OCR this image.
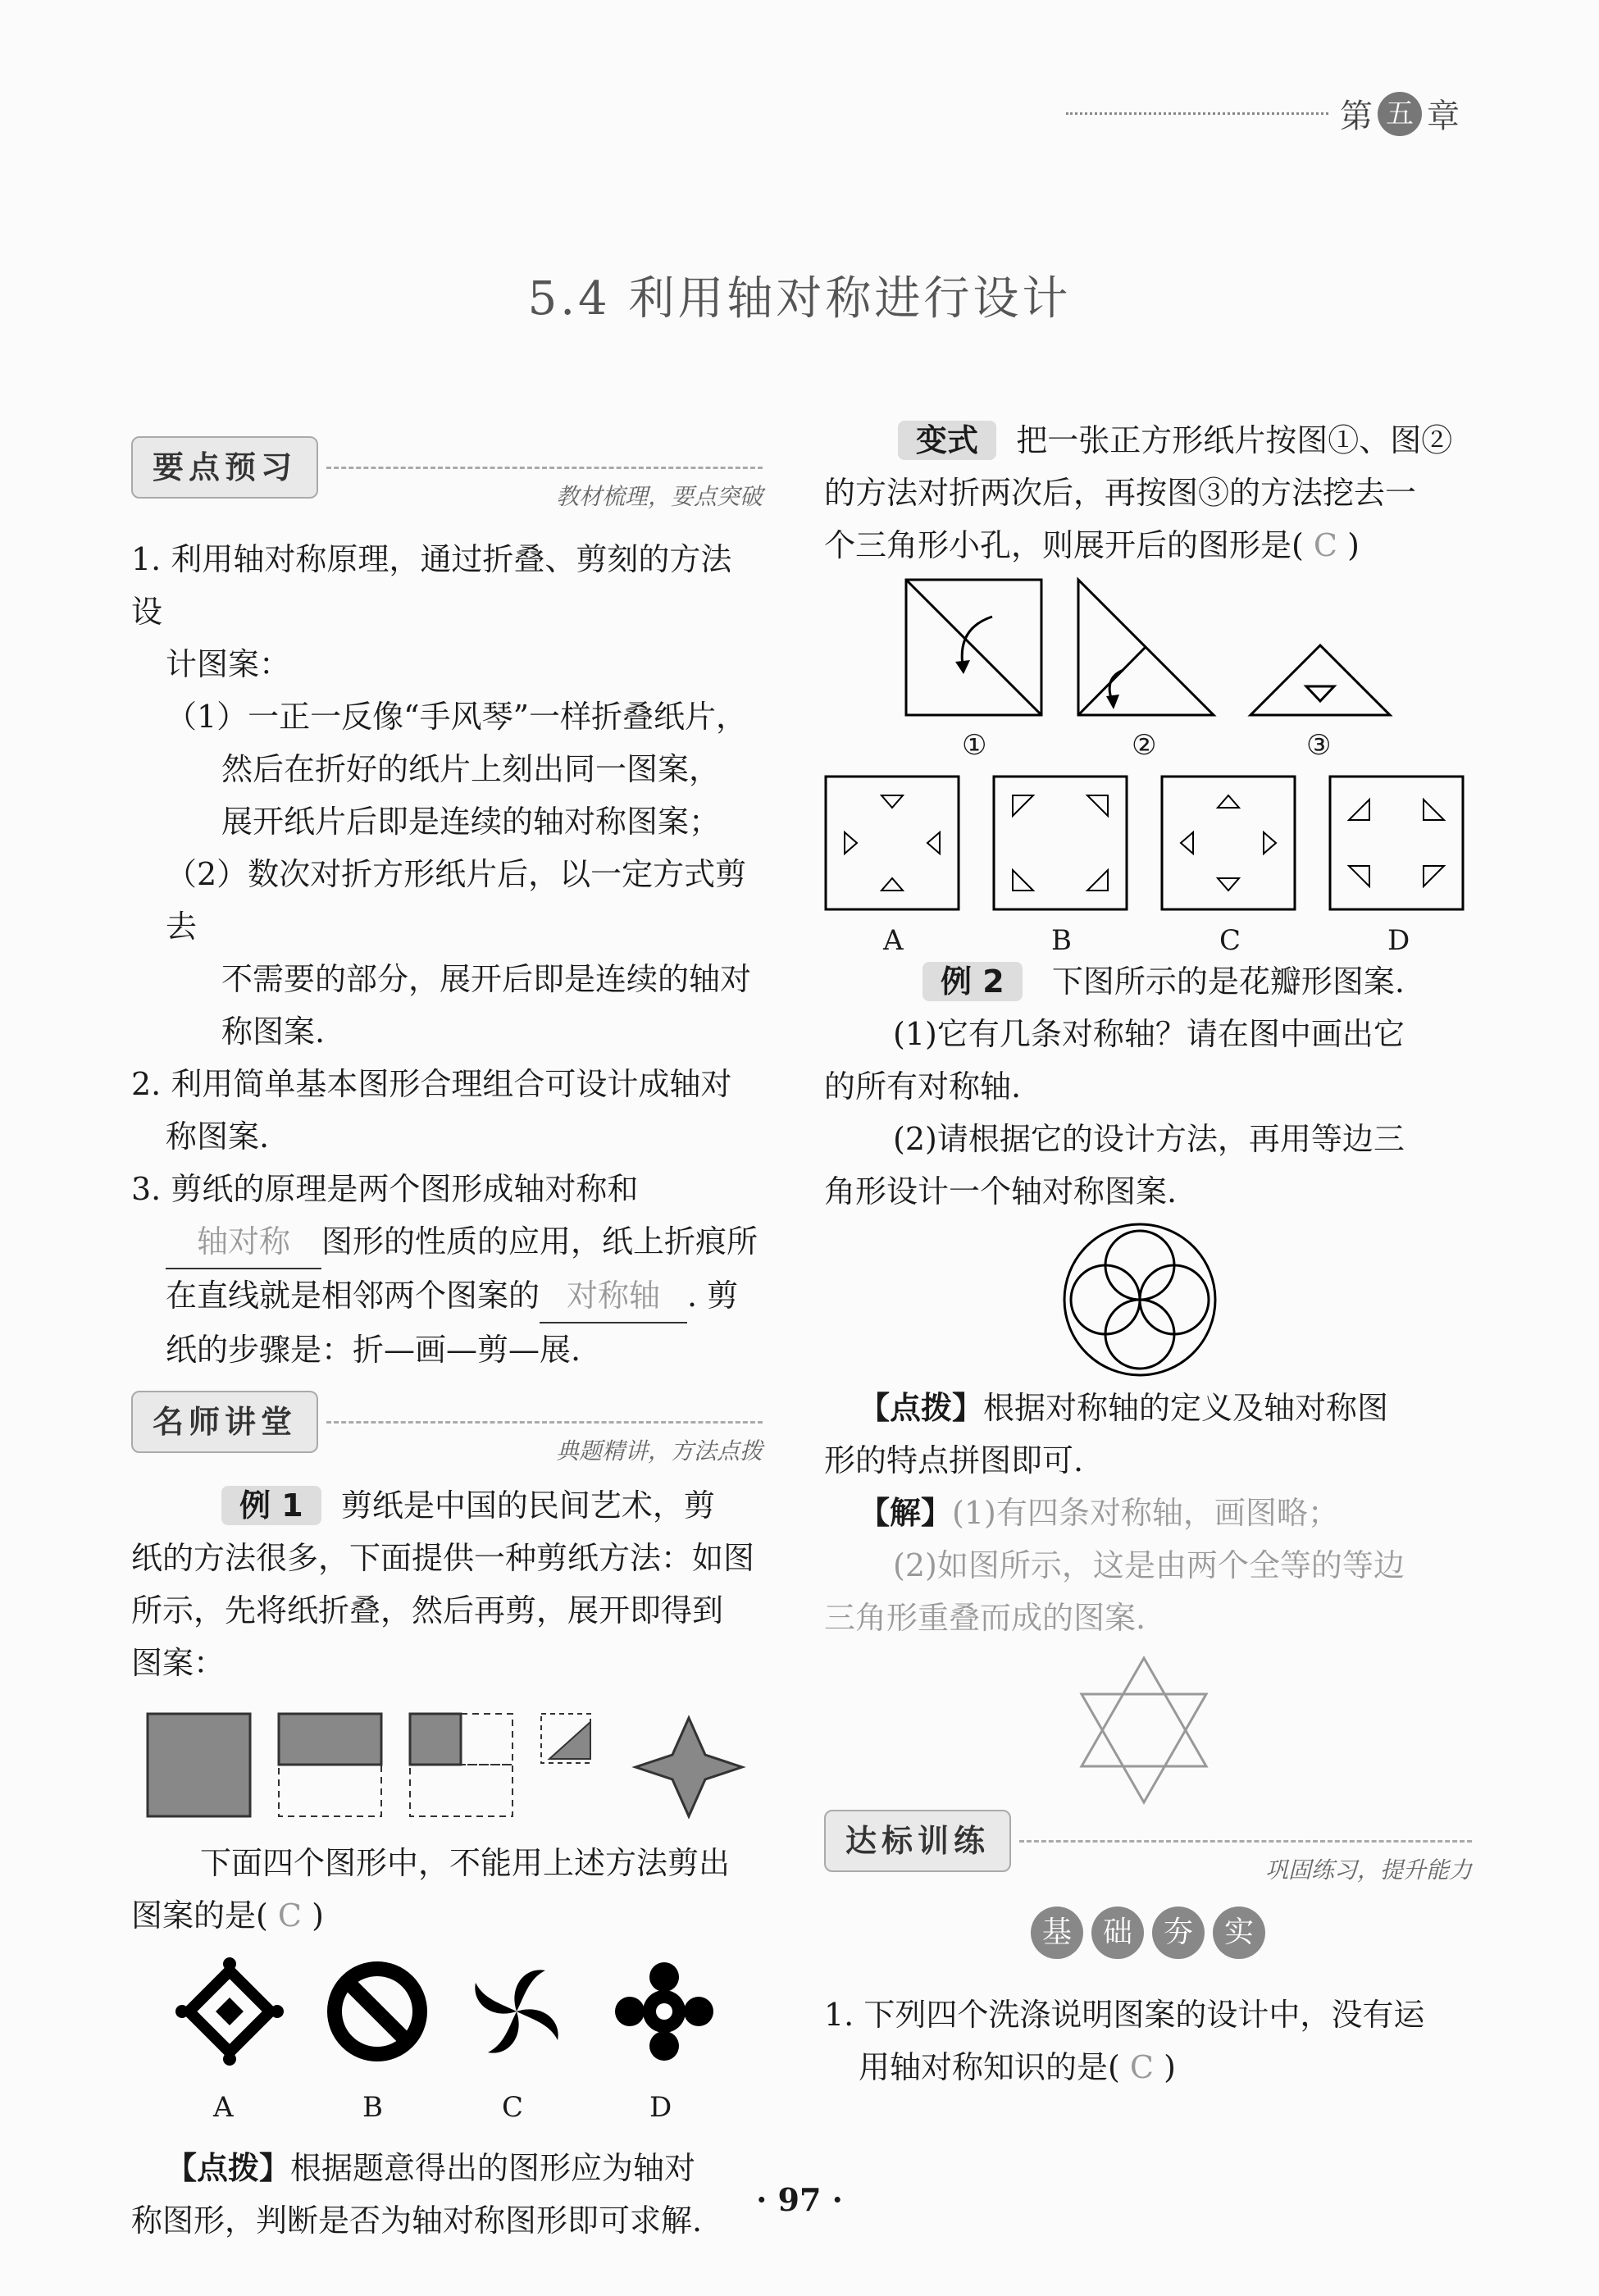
第 五 章
5.4 利用轴对称进行设计
要点预习
教材梳理，要点突破

1. 利用轴对称原理，通过折叠、剪刻的方法设

计图案：

（1）一正一反像“手风琴”一样折叠纸片，

然后在折好的纸片上刻出同一图案，

展开纸片后即是连续的轴对称图案；

（2）数次对折方形纸片后，以一定方式剪去

不需要的部分，展开后即是连续的轴对

称图案.

2. 利用简单基本图形合理组合可设计成轴对

称图案.

3. 剪纸的原理是两个图形成轴对称和

轴对称 图形的性质的应用，纸上折痕所

在直线就是相邻两个图案的 对称轴 . 剪

纸的步骤是：折—画—剪—展.

名师讲堂
典题精讲，方法点拨

例 1 剪纸是中国的民间艺术，剪

纸的方法很多，下面提供一种剪纸方法：如图

所示，先将纸折叠，然后再剪，展开即得到

图案：

下面四个图形中，不能用上述方法剪出

图案的是( C )

A	B	C	D

【点拨】根据题意得出的图形应为轴对

称图形，判断是否为轴对称图形即可求解.

变式 把一张正方形纸片按图①、图②

的方法对折两次后，再按图③的方法挖去一

个三角形小孔，则展开后的图形是( C )

①	②	③
A	B	C	D

例 2 下图所示的是花瓣形图案.

(1)它有几条对称轴？请在图中画出它

的所有对称轴.

(2)请根据它的设计方法，再用等边三

角形设计一个轴对称图案.

【点拨】根据对称轴的定义及轴对称图

形的特点拼图即可.

【解】(1)有四条对称轴，画图略；

(2)如图所示，这是由两个全等的等边

三角形重叠而成的图案.

达标训练
巩固练习，提升能力
基	础	夯	实

1. 下列四个洗涤说明图案的设计中，没有运

用轴对称知识的是( C )

· 97 ·
